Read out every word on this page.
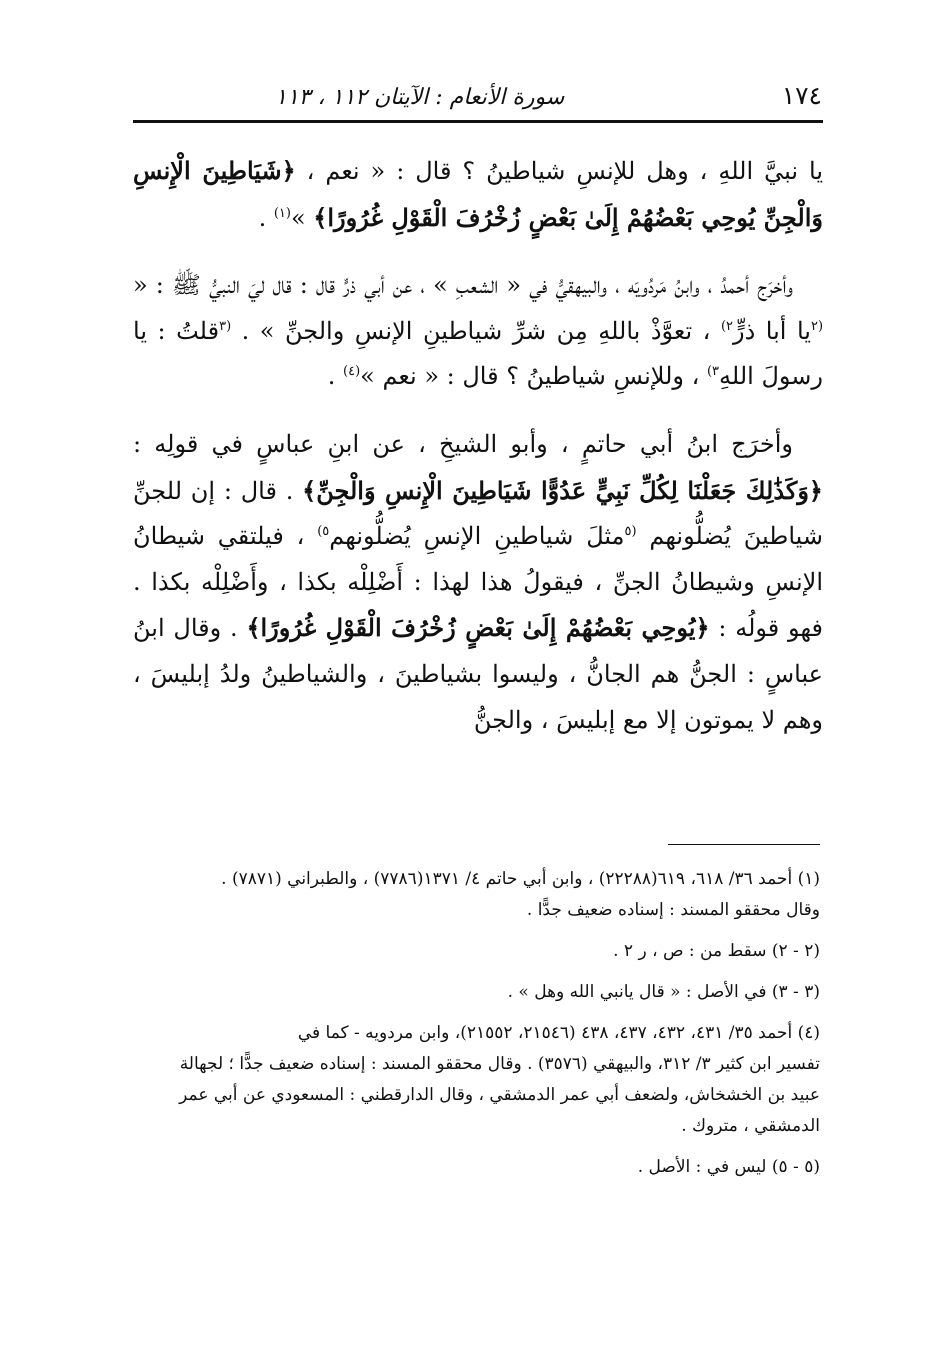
١٧٤
سورة الأنعام : الآيتان ١١٢ ، ١١٣

يا نبيَّ اللهِ ، وهل للإنسِ شياطينُ ؟ قال : « نعم ، ﴿شَيَاطِينَ الْإِنسِ وَالْجِنِّ يُوحِي بَعْضُهُمْ إِلَىٰ بَعْضٍ زُخْرُفَ الْقَوْلِ غُرُورًا﴾ »$^{(١)}$ .

وأخرَج أحمدُ ، وابنُ مَردُويَه ، والبيهقيُّ في « الشعبِ » ، عن أبي ذرٍّ قال : قال ليَ النبيُّ ﷺ : « $^{(٢}$يا أبا ذرٍّ$^{٢)}$ ، تعوَّذْ باللهِ مِن شرِّ شياطينِ الإنسِ والجنِّ » . $^{(٣}$قلتُ : يا رسولَ اللهِ$^{٣)}$ ، وللإنسِ شياطينُ ؟ قال : « نعم »$^{(٤)}$ .

وأخرَج ابنُ أبي حاتمٍ ، وأبو الشيخِ ، عن ابنِ عباسٍ في قولِه : ﴿وَكَذَٰلِكَ جَعَلْنَا لِكُلِّ نَبِيٍّ عَدُوًّا شَيَاطِينَ الْإِنسِ وَالْجِنِّ﴾ . قال : إن للجنِّ شياطينَ يُضلُّونهم $^{(٥}$مثلَ شياطينِ الإنسِ يُضلُّونهم$^{٥)}$ ، فيلتقي شيطانُ الإنسِ وشيطانُ الجنِّ ، فيقولُ هذا لهذا : أَضْلِلْه بكذا ، وأَضْلِلْه بكذا . فهو قولُه : ﴿يُوحِي بَعْضُهُمْ إِلَىٰ بَعْضٍ زُخْرُفَ الْقَوْلِ غُرُورًا﴾ . وقال ابنُ عباسٍ : الجنُّ هم الجانُّ ، وليسوا بشياطينَ ، والشياطينُ ولدُ إبليسَ ، وهم لا يموتون إلا مع إبليسَ ، والجنُّ

(١) أحمد ٣٦/ ٦١٨، ٦١٩(٢٢٢٨٨) ، وابن أبي حاتم ٤/ ١٣٧١(٧٧٨٦) ، والطبراني (٧٨٧١) .
وقال محققو المسند : إسناده ضعيف جدًّا .
(٢ - ٢) سقط من : ص ، ر ٢ .
(٣ - ٣) في الأصل : « قال يانبي الله وهل » .
(٤) أحمد ٣٥/ ٤٣١، ٤٣٢، ٤٣٧، ٤٣٨ (٢١٥٤٦، ٢١٥٥٢)، وابن مردويه - كما في
تفسير ابن كثير ٣/ ٣١٢، والبيهقي (٣٥٧٦) . وقال محققو المسند : إسناده ضعيف جدًّا ؛ لجهالة
عبيد بن الخشخاش، ولضعف أبي عمر الدمشقي ، وقال الدارقطني : المسعودي عن أبي عمر
الدمشقي ، متروك .
(٥ - ٥) ليس في : الأصل .
